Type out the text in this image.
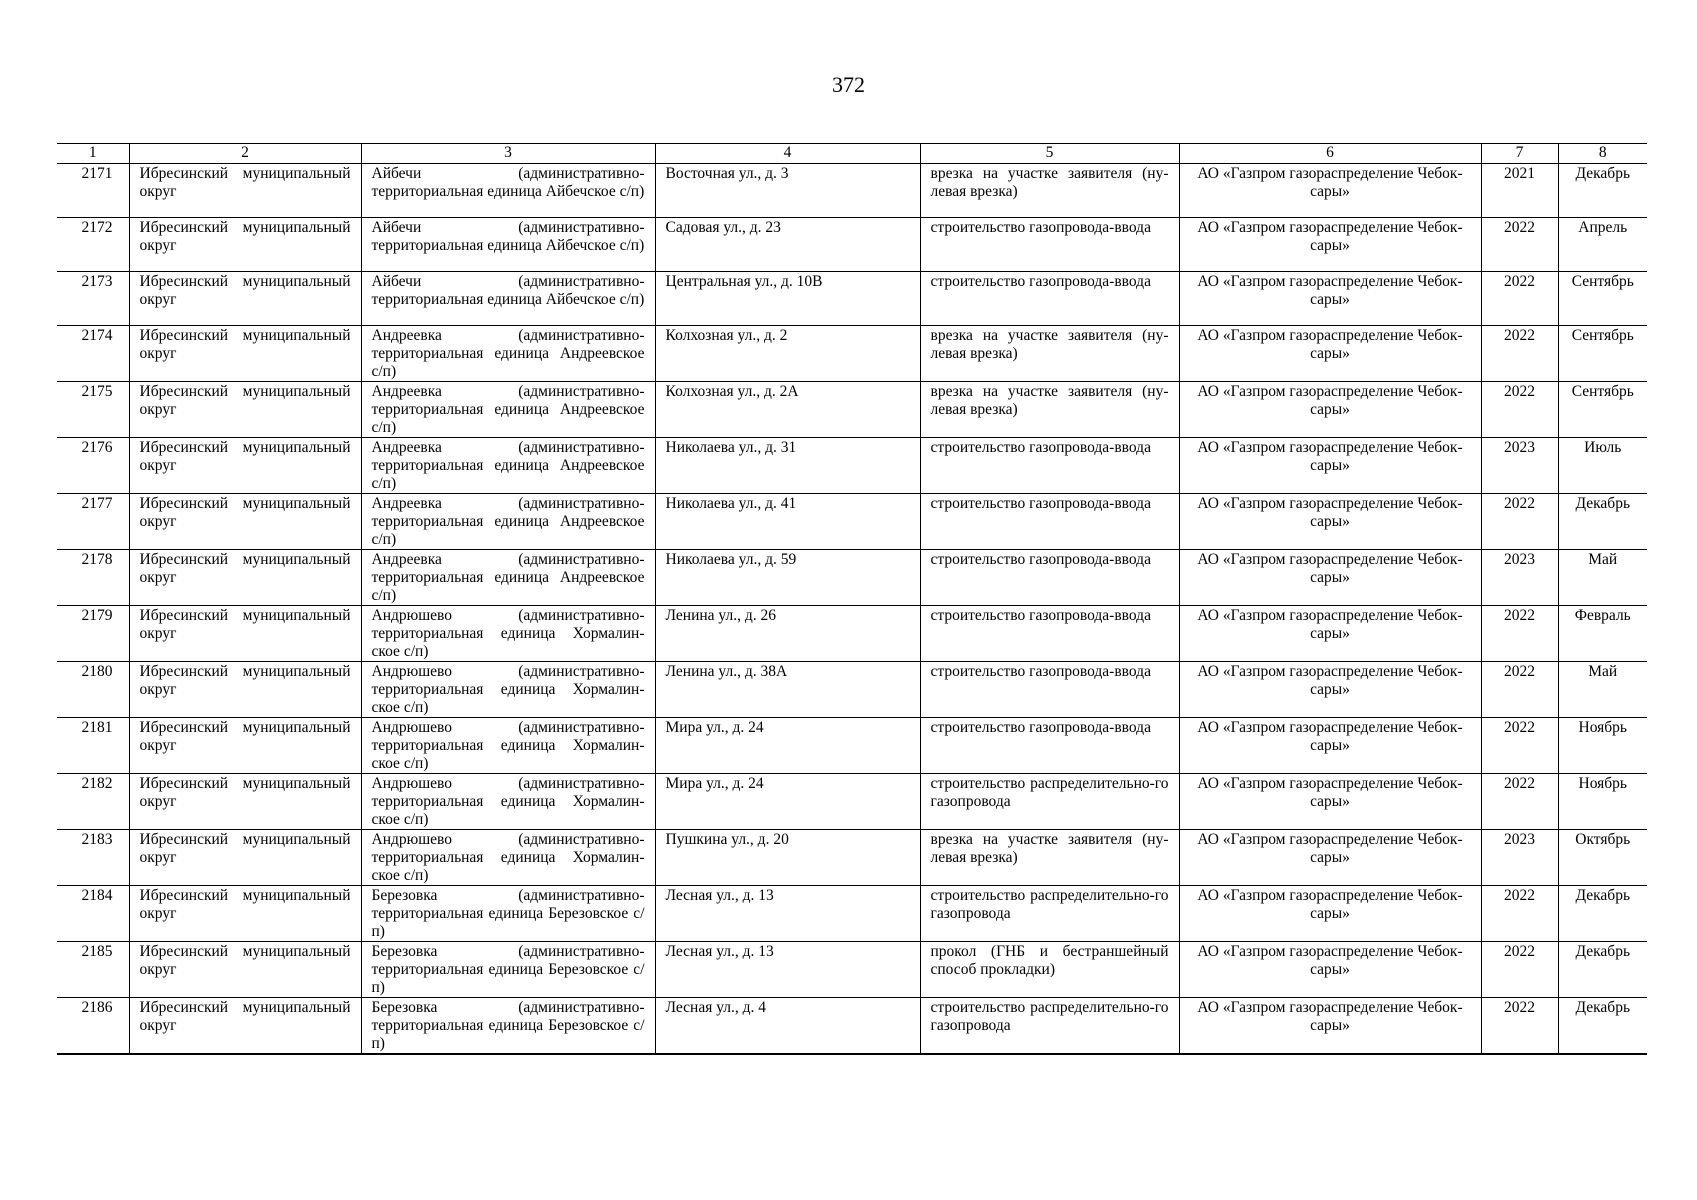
372
1	2	3	4	5	6	7	8
2171	Ибресинский муниципальный округ	Айбечи (административно-территориальная единица Айбечское с/п)	Восточная ул., д. 3	врезка на участке заявителя (ну-левая врезка)	АО «Газпром газораспределение Чебок-сары»	2021	Декабрь
2172	Ибресинский муниципальный округ	Айбечи (административно-территориальная единица Айбечское с/п)	Садовая ул., д. 23	строительство газопровода-ввода	АО «Газпром газораспределение Чебок-сары»	2022	Апрель
2173	Ибресинский муниципальный округ	Айбечи (административно-территориальная единица Айбечское с/п)	Центральная ул., д. 10В	строительство газопровода-ввода	АО «Газпром газораспределение Чебок-сары»	2022	Сентябрь
2174	Ибресинский муниципальный округ	Андреевка (административно-территориальная единица Андреевское с/п)	Колхозная ул., д. 2	врезка на участке заявителя (ну-левая врезка)	АО «Газпром газораспределение Чебок-сары»	2022	Сентябрь
2175	Ибресинский муниципальный округ	Андреевка (административно-территориальная единица Андреевское с/п)	Колхозная ул., д. 2А	врезка на участке заявителя (ну-левая врезка)	АО «Газпром газораспределение Чебок-сары»	2022	Сентябрь
2176	Ибресинский муниципальный округ	Андреевка (административно-территориальная единица Андреевское с/п)	Николаева ул., д. 31	строительство газопровода-ввода	АО «Газпром газораспределение Чебок-сары»	2023	Июль
2177	Ибресинский муниципальный округ	Андреевка (административно-территориальная единица Андреевское с/п)	Николаева ул., д. 41	строительство газопровода-ввода	АО «Газпром газораспределение Чебок-сары»	2022	Декабрь
2178	Ибресинский муниципальный округ	Андреевка (административно-территориальная единица Андреевское с/п)	Николаева ул., д. 59	строительство газопровода-ввода	АО «Газпром газораспределение Чебок-сары»	2023	Май
2179	Ибресинский муниципальный округ	Андрюшево (административно-территориальная единица Хормалин-ское с/п)	Ленина ул., д. 26	строительство газопровода-ввода	АО «Газпром газораспределение Чебок-сары»	2022	Февраль
2180	Ибресинский муниципальный округ	Андрюшево (административно-территориальная единица Хормалин-ское с/п)	Ленина ул., д. 38А	строительство газопровода-ввода	АО «Газпром газораспределение Чебок-сары»	2022	Май
2181	Ибресинский муниципальный округ	Андрюшево (административно-территориальная единица Хормалин-ское с/п)	Мира ул., д. 24	строительство газопровода-ввода	АО «Газпром газораспределение Чебок-сары»	2022	Ноябрь
2182	Ибресинский муниципальный округ	Андрюшево (административно-территориальная единица Хормалин-ское с/п)	Мира ул., д. 24	строительство распределительно-го газопровода	АО «Газпром газораспределение Чебок-сары»	2022	Ноябрь
2183	Ибресинский муниципальный округ	Андрюшево (административно-территориальная единица Хормалин-ское с/п)	Пушкина ул., д. 20	врезка на участке заявителя (ну-левая врезка)	АО «Газпром газораспределение Чебок-сары»	2023	Октябрь
2184	Ибресинский муниципальный округ	Березовка (административно-территориальная единица Березовское с/п)	Лесная ул., д. 13	строительство распределительно-го газопровода	АО «Газпром газораспределение Чебок-сары»	2022	Декабрь
2185	Ибресинский муниципальный округ	Березовка (административно-территориальная единица Березовское с/п)	Лесная ул., д. 13	прокол (ГНБ и бестраншейный способ прокладки)	АО «Газпром газораспределение Чебок-сары»	2022	Декабрь
2186	Ибресинский муниципальный округ	Березовка (административно-территориальная единица Березовское с/п)	Лесная ул., д. 4	строительство распределительно-го газопровода	АО «Газпром газораспределение Чебок-сары»	2022	Декабрь
